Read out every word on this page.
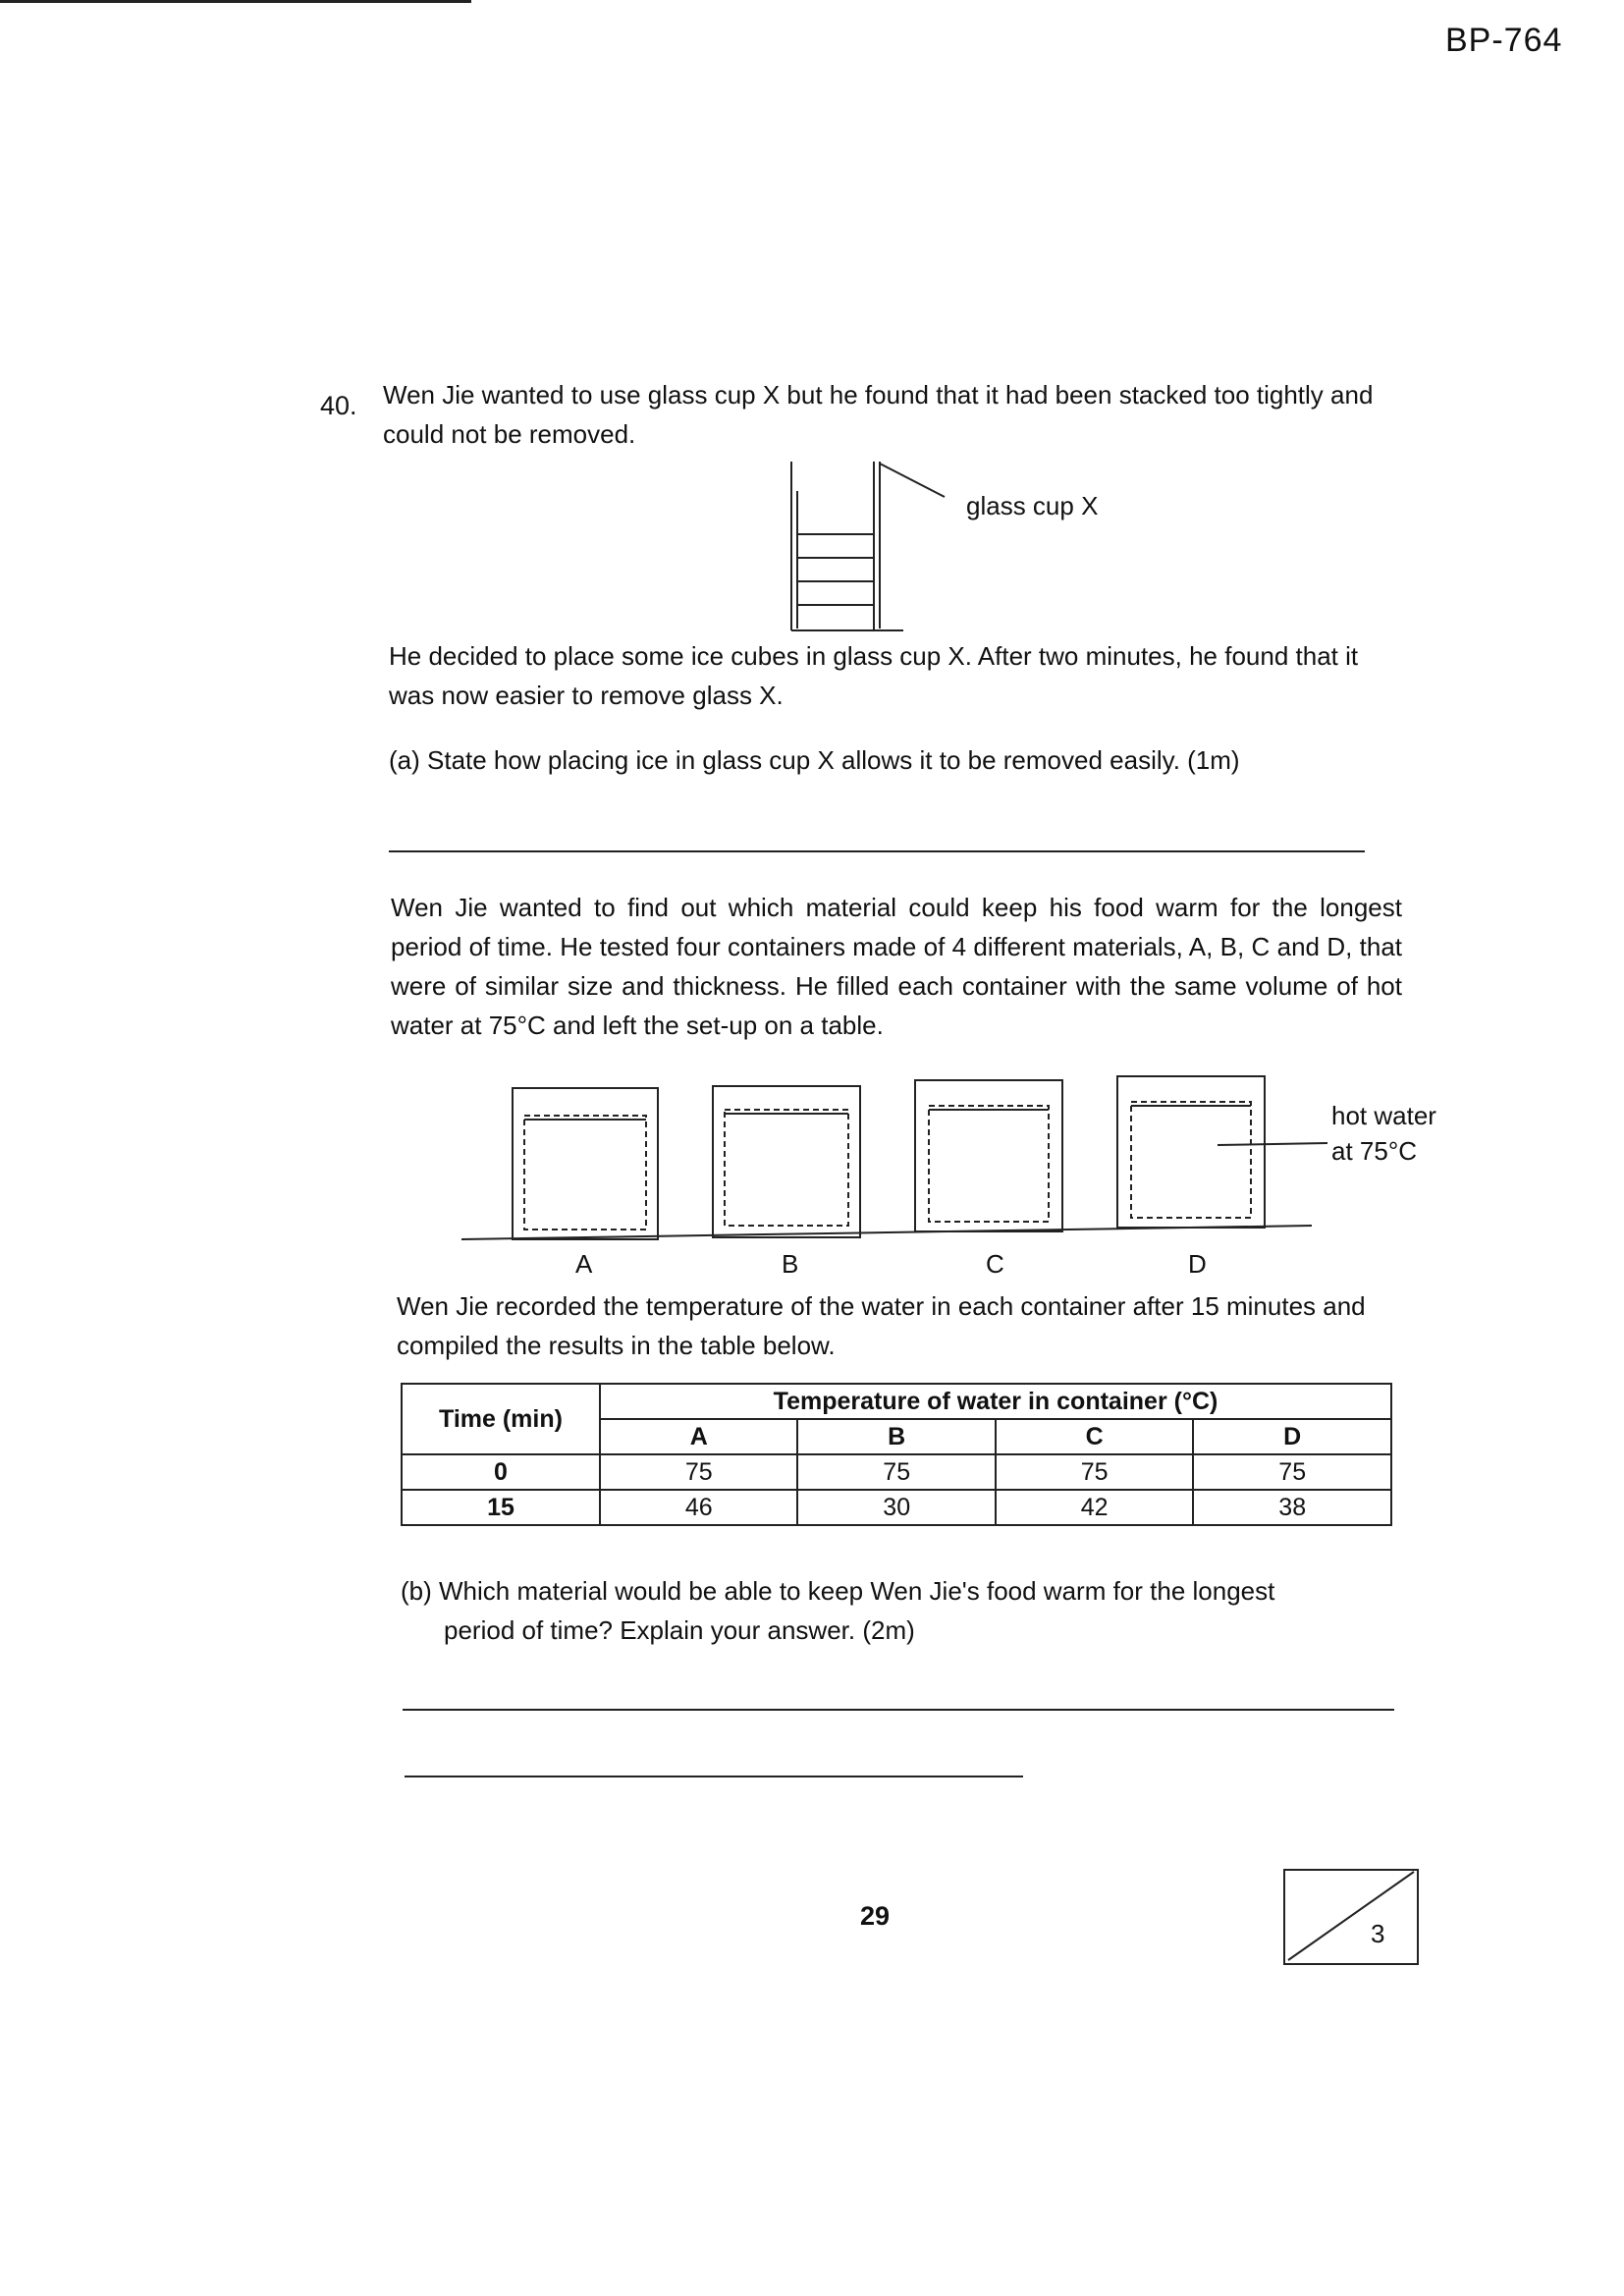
BP-764
40. Wen Jie wanted to use glass cup X but he found that it had been stacked too tightly and could not be removed.
glass cup X
He decided to place some ice cubes in glass cup X. After two minutes, he found that it was now easier to remove glass X.
(a) State how placing ice in glass cup X allows it to be removed easily. (1m)
Wen Jie wanted to find out which material could keep his food warm for the longest period of time. He tested four containers made of 4 different materials, A, B, C and D, that were of similar size and thickness. He filled each container with the same volume of hot water at 75°C and left the set-up on a table.
hot water
at 75°C
A	B	C	D
Wen Jie recorded the temperature of the water in each container after 15 minutes and compiled the results in the table below.
Time (min)	Temperature of water in container (°C)			
	A	B	C	D
0	75	75	75	75
15	46	30	42	38
(b) Which material would be able to keep Wen Jie's food warm for the longest
period of time? Explain your answer. (2m)
29
3
